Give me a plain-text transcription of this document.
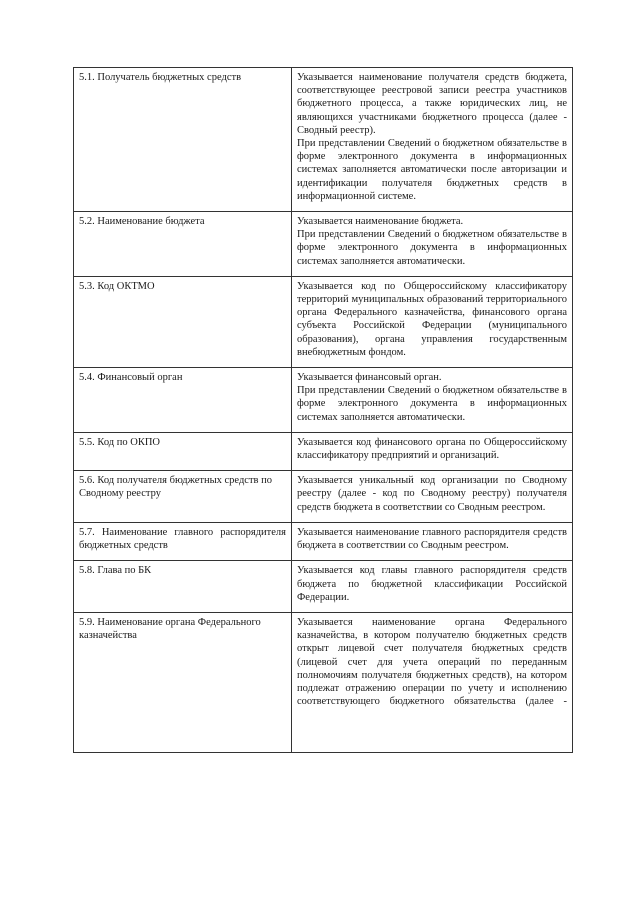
5.1. Получатель бюджетных средств	Указывается наименование получателя средств бюджета, соответствующее реестровой записи реестра участников бюджетного процесса, а также юридических лиц, не являющихся участниками бюджетного процесса (далее - Сводный реестр).

При представлении Сведений о бюджетном обязательстве в форме электронного документа в информационных системах заполняется автоматически после авторизации и идентификации получателя бюджетных средств в информационной системе.

5.2. Наименование бюджета	Указывается наименование бюджета.

При представлении Сведений о бюджетном обязательстве в форме электронного документа в информационных системах заполняется автоматически.

5.3. Код ОКТМО	Указывается код по Общероссийскому классификатору территорий муниципальных образований территориального органа Федерального казначейства, финансового органа субъекта Российской Федерации (муниципального образования), органа управления государственным внебюджетным фондом.

5.4. Финансовый орган	Указывается финансовый орган.

При представлении Сведений о бюджетном обязательстве в форме электронного документа в информационных системах заполняется автоматически.

5.5. Код по ОКПО	Указывается код финансового органа по Общероссийскому классификатору предприятий и организаций.

5.6. Код получателя бюджетных средств по Сводному реестру	Указывается уникальный код организации по Сводному реестру (далее - код по Сводному реестру) получателя средств бюджета в соответствии со Сводным реестром.

5.7. Наименование главного распорядителя бюджетных средств	Указывается наименование главного распорядителя средств бюджета в соответствии со Сводным реестром.

5.8. Глава по БК	Указывается код главы главного распорядителя средств бюджета по бюджетной классификации Российской Федерации.

5.9. Наименование органа Федерального казначейства	Указывается наименование органа Федерального казначейства, в котором получателю бюджетных средств открыт лицевой счет получателя бюджетных средств (лицевой счет для учета операций по переданным полномочиям получателя бюджетных средств), на котором подлежат отражению операции по учету и исполнению соответствующего бюджетного обязательства (далее -
